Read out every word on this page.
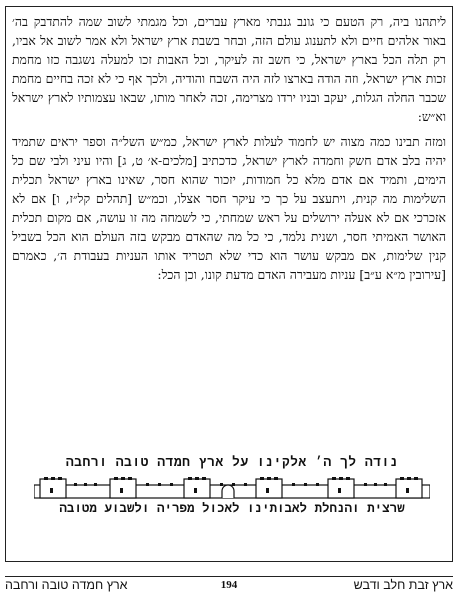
ליתהנו ביה, רק הטעם כי גונב גנבתי מארץ עברים, וכל מגמתי לשוב שמה להתדבק בה׳ באור אלהים חיים ולא לתענוג עולם הזה, ובחר בשבת ארץ ישראל ולא אמר לשוב אל אביו, רק תלה הכל בארץ ישראל, כי חשב זה לעיקר, וכל האבות זכו למעלה נשגבה כזו מחמת זכות ארץ ישראל, וזה הודה בארצו לזה היה השבח והודיה, ולכך אף כי לא זכה בחיים מחמת שכבר החלה הגלות, יעקב ובניו ירדו מצרימה, זכה לאחר מותו, שבאו עצמותיו לארץ ישראל וא״ש:

ומזה תבינו כמה מצוה יש לחמוד לעלות לארץ ישראל, כמ״ש השל״ה וספר יראים שתמיד יהיה בלב אדם חשק וחמדה לארץ ישראל, כדכתיב [מלכים-א׳ ט, ג] והיו עיני ולבי שם כל הימים, ותמיד אם אדם מלא כל חמודות, יזכור שהוא חסר, שאינו בארץ ישראל תכלית השלימות מה קנית, ויתעצב על כך כי עיקר חסר אצלו, וכמ״ש [תהלים קל״ז, ו] אם לא אזכרכי אם לא אעלה ירושלים על ראש שמחתי, כי לשמחה מה זו עושה, אם מקום תכלית האושר האמיתי חסר, ושנית נלמד, כי כל מה שהאדם מבקש בזה העולם הוא הכל בשביל קנין שלימות, אם מבקש עושר הוא כדי שלא תטריד אותו העניות בעבודת ה׳, כאמרם [עירובין מ״א ע״ב] עניות מעבירה האדם מדעת קונו, וכן הכל:

נודה לך ה׳ אלקינו על ארץ חמדה טובה ורחבה
שרצית והנחלת לאבותינו לאכול מפריה ולשבוע מטובה
ארץ זבת חלב ודבש
194
ארץ חמדה טובה ורחבה
